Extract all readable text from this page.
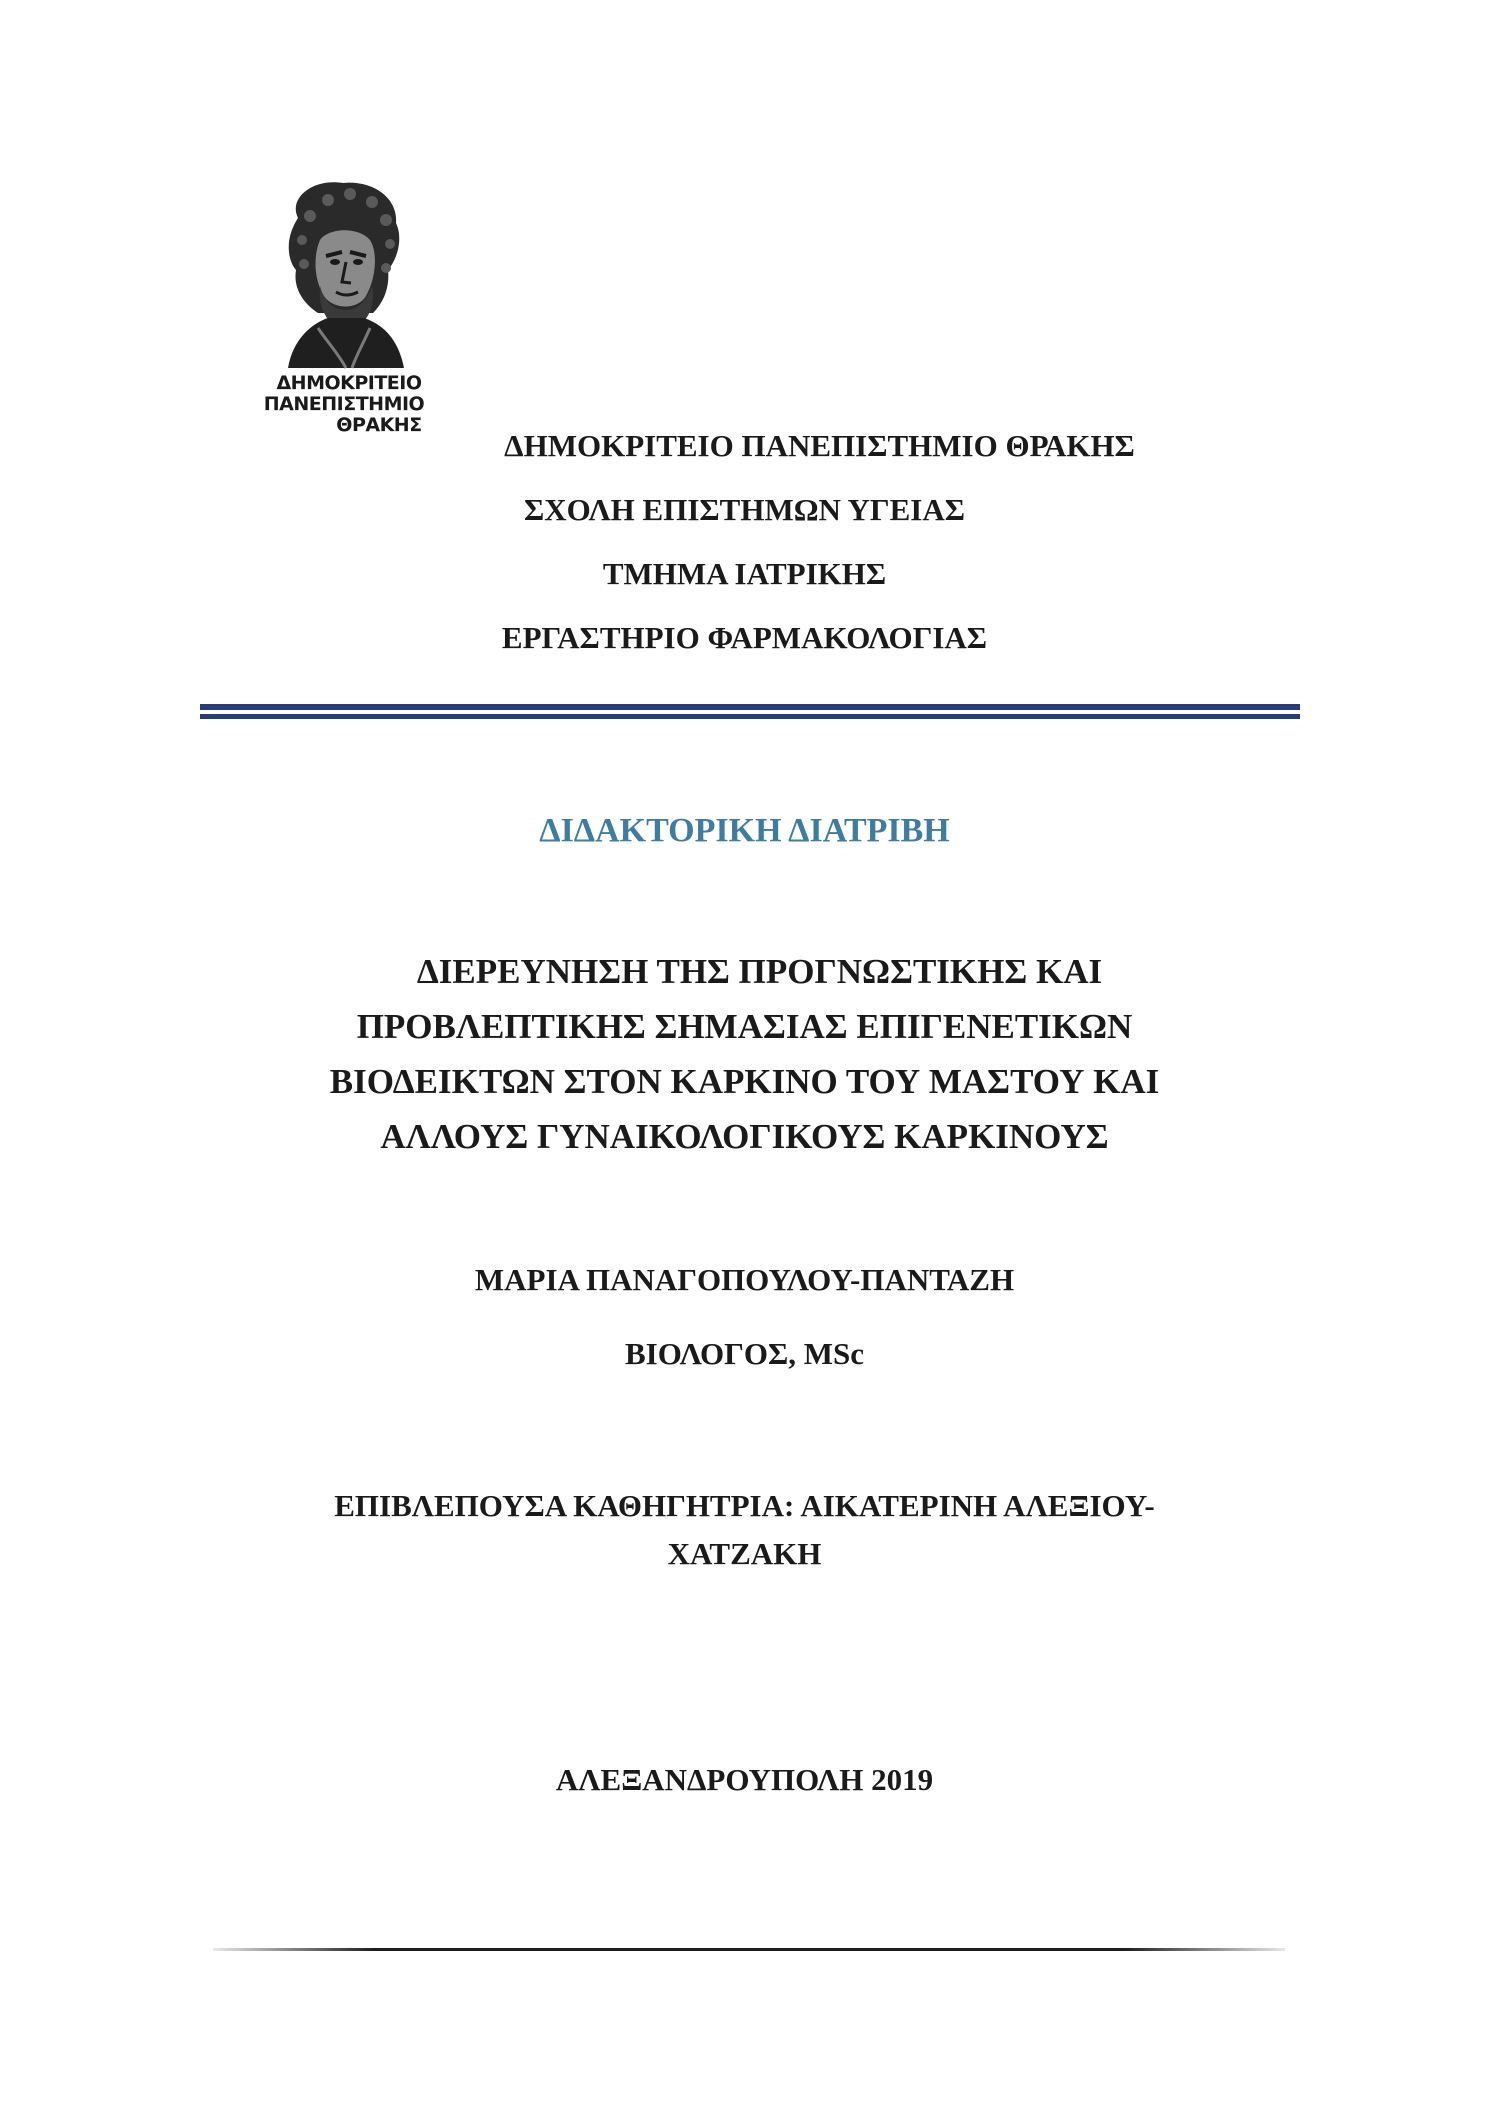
ΔΗΜΟΚΡΙΤΕΙΟ
ΠΑΝΕΠΙΣΤΗΜΙΟ
ΘΡΑΚΗΣ
ΔΗΜΟΚΡΙΤΕΙΟ ΠΑΝΕΠΙΣΤΗΜΙΟ ΘΡΑΚΗΣ
ΣΧΟΛΗ ΕΠΙΣΤΗΜΩΝ ΥΓΕΙΑΣ
ΤΜΗΜΑ ΙΑΤΡΙΚΗΣ
ΕΡΓΑΣΤΗΡΙΟ ΦΑΡΜΑΚΟΛΟΓΙΑΣ
ΔΙΔΑΚΤΟΡΙΚΗ ΔΙΑΤΡΙΒΗ
ΔΙΕΡΕΥΝΗΣΗ ΤΗΣ ΠΡΟΓΝΩΣΤΙΚΗΣ ΚΑΙ
ΠΡΟΒΛΕΠΤΙΚΗΣ ΣΗΜΑΣΙΑΣ ΕΠΙΓΕΝΕΤΙΚΩΝ
ΒΙΟΔΕΙΚΤΩΝ ΣΤΟΝ ΚΑΡΚΙΝΟ ΤΟΥ ΜΑΣΤΟΥ ΚΑΙ
ΑΛΛΟΥΣ ΓΥΝΑΙΚΟΛΟΓΙΚΟΥΣ ΚΑΡΚΙΝΟΥΣ
ΜΑΡΙΑ ΠΑΝΑΓΟΠΟΥΛΟΥ-ΠΑΝΤΑΖΗ
ΒΙΟΛΟΓΟΣ, MSc
ΕΠΙΒΛΕΠΟΥΣΑ ΚΑΘΗΓΗΤΡΙΑ: ΑΙΚΑΤΕΡΙΝΗ ΑΛΕΞΙΟΥ-
ΧΑΤΖΑΚΗ
ΑΛΕΞΑΝΔΡΟΥΠΟΛΗ 2019
